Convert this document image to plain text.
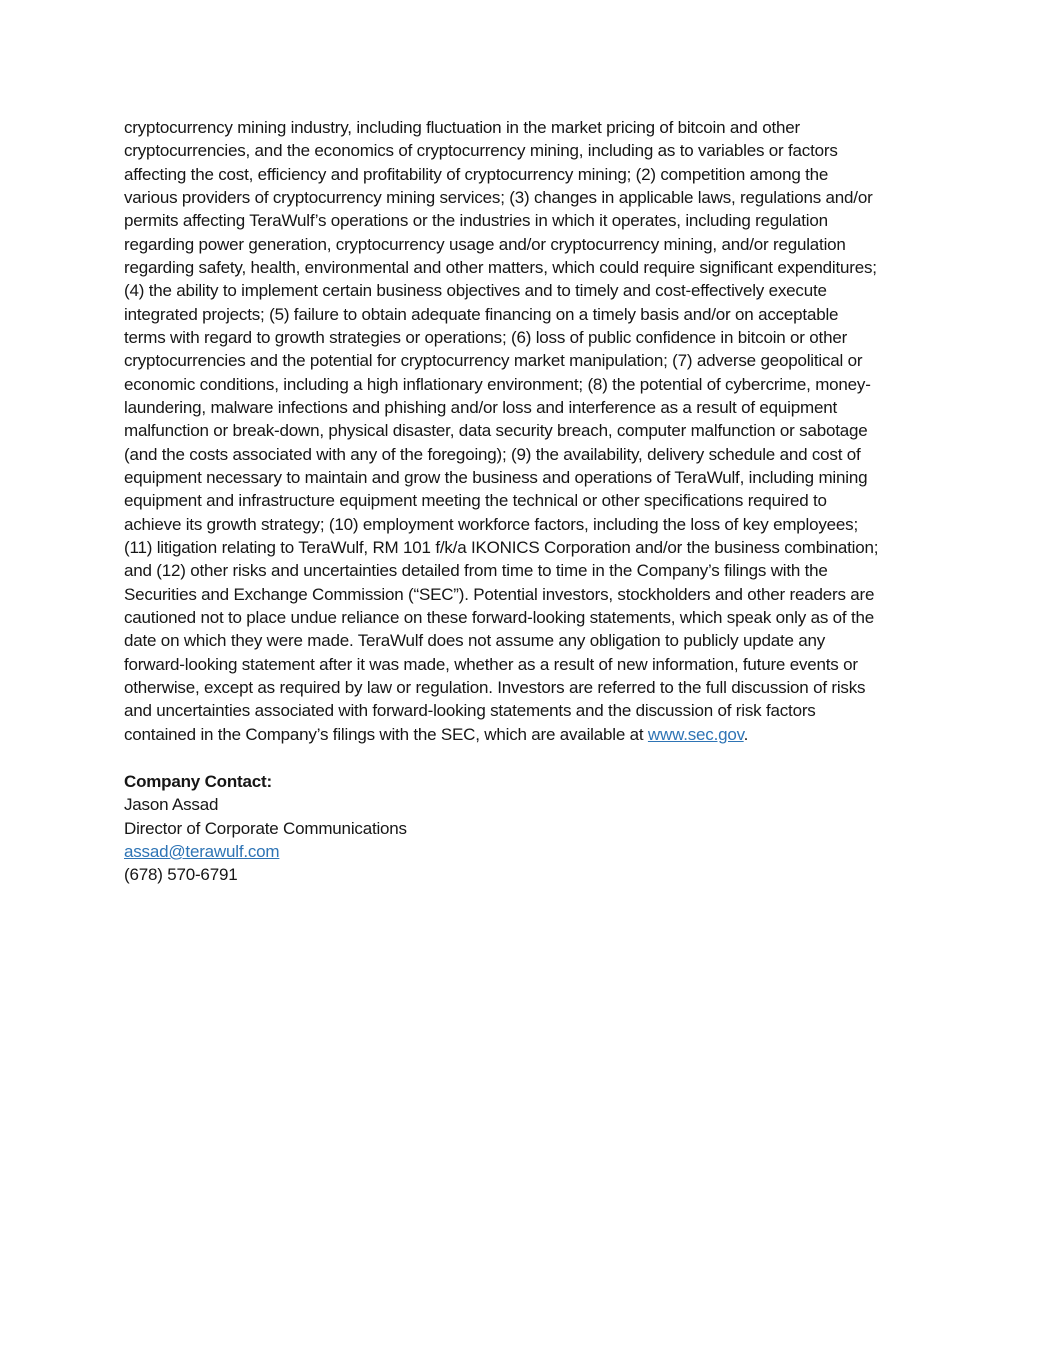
cryptocurrency mining industry, including fluctuation in the market pricing of bitcoin and other
cryptocurrencies, and the economics of cryptocurrency mining, including as to variables or factors
affecting the cost, efficiency and profitability of cryptocurrency mining; (2) competition among the
various providers of cryptocurrency mining services; (3) changes in applicable laws, regulations and/or
permits affecting TeraWulf’s operations or the industries in which it operates, including regulation
regarding power generation, cryptocurrency usage and/or cryptocurrency mining, and/or regulation
regarding safety, health, environmental and other matters, which could require significant expenditures;
(4) the ability to implement certain business objectives and to timely and cost-effectively execute
integrated projects; (5) failure to obtain adequate financing on a timely basis and/or on acceptable
terms with regard to growth strategies or operations; (6) loss of public confidence in bitcoin or other
cryptocurrencies and the potential for cryptocurrency market manipulation; (7) adverse geopolitical or
economic conditions, including a high inflationary environment; (8) the potential of cybercrime, money-
laundering, malware infections and phishing and/or loss and interference as a result of equipment
malfunction or break-down, physical disaster, data security breach, computer malfunction or sabotage
(and the costs associated with any of the foregoing); (9) the availability, delivery schedule and cost of
equipment necessary to maintain and grow the business and operations of TeraWulf, including mining
equipment and infrastructure equipment meeting the technical or other specifications required to
achieve its growth strategy; (10) employment workforce factors, including the loss of key employees;
(11) litigation relating to TeraWulf, RM 101 f/k/a IKONICS Corporation and/or the business combination;
and (12) other risks and uncertainties detailed from time to time in the Company’s filings with the
Securities and Exchange Commission (“SEC”). Potential investors, stockholders and other readers are
cautioned not to place undue reliance on these forward-looking statements, which speak only as of the
date on which they were made. TeraWulf does not assume any obligation to publicly update any
forward-looking statement after it was made, whether as a result of new information, future events or
otherwise, except as required by law or regulation. Investors are referred to the full discussion of risks
and uncertainties associated with forward-looking statements and the discussion of risk factors
contained in the Company’s filings with the SEC, which are available at www.sec.gov.
Company Contact:
Jason Assad
Director of Corporate Communications
assad@terawulf.com
(678) 570-6791
